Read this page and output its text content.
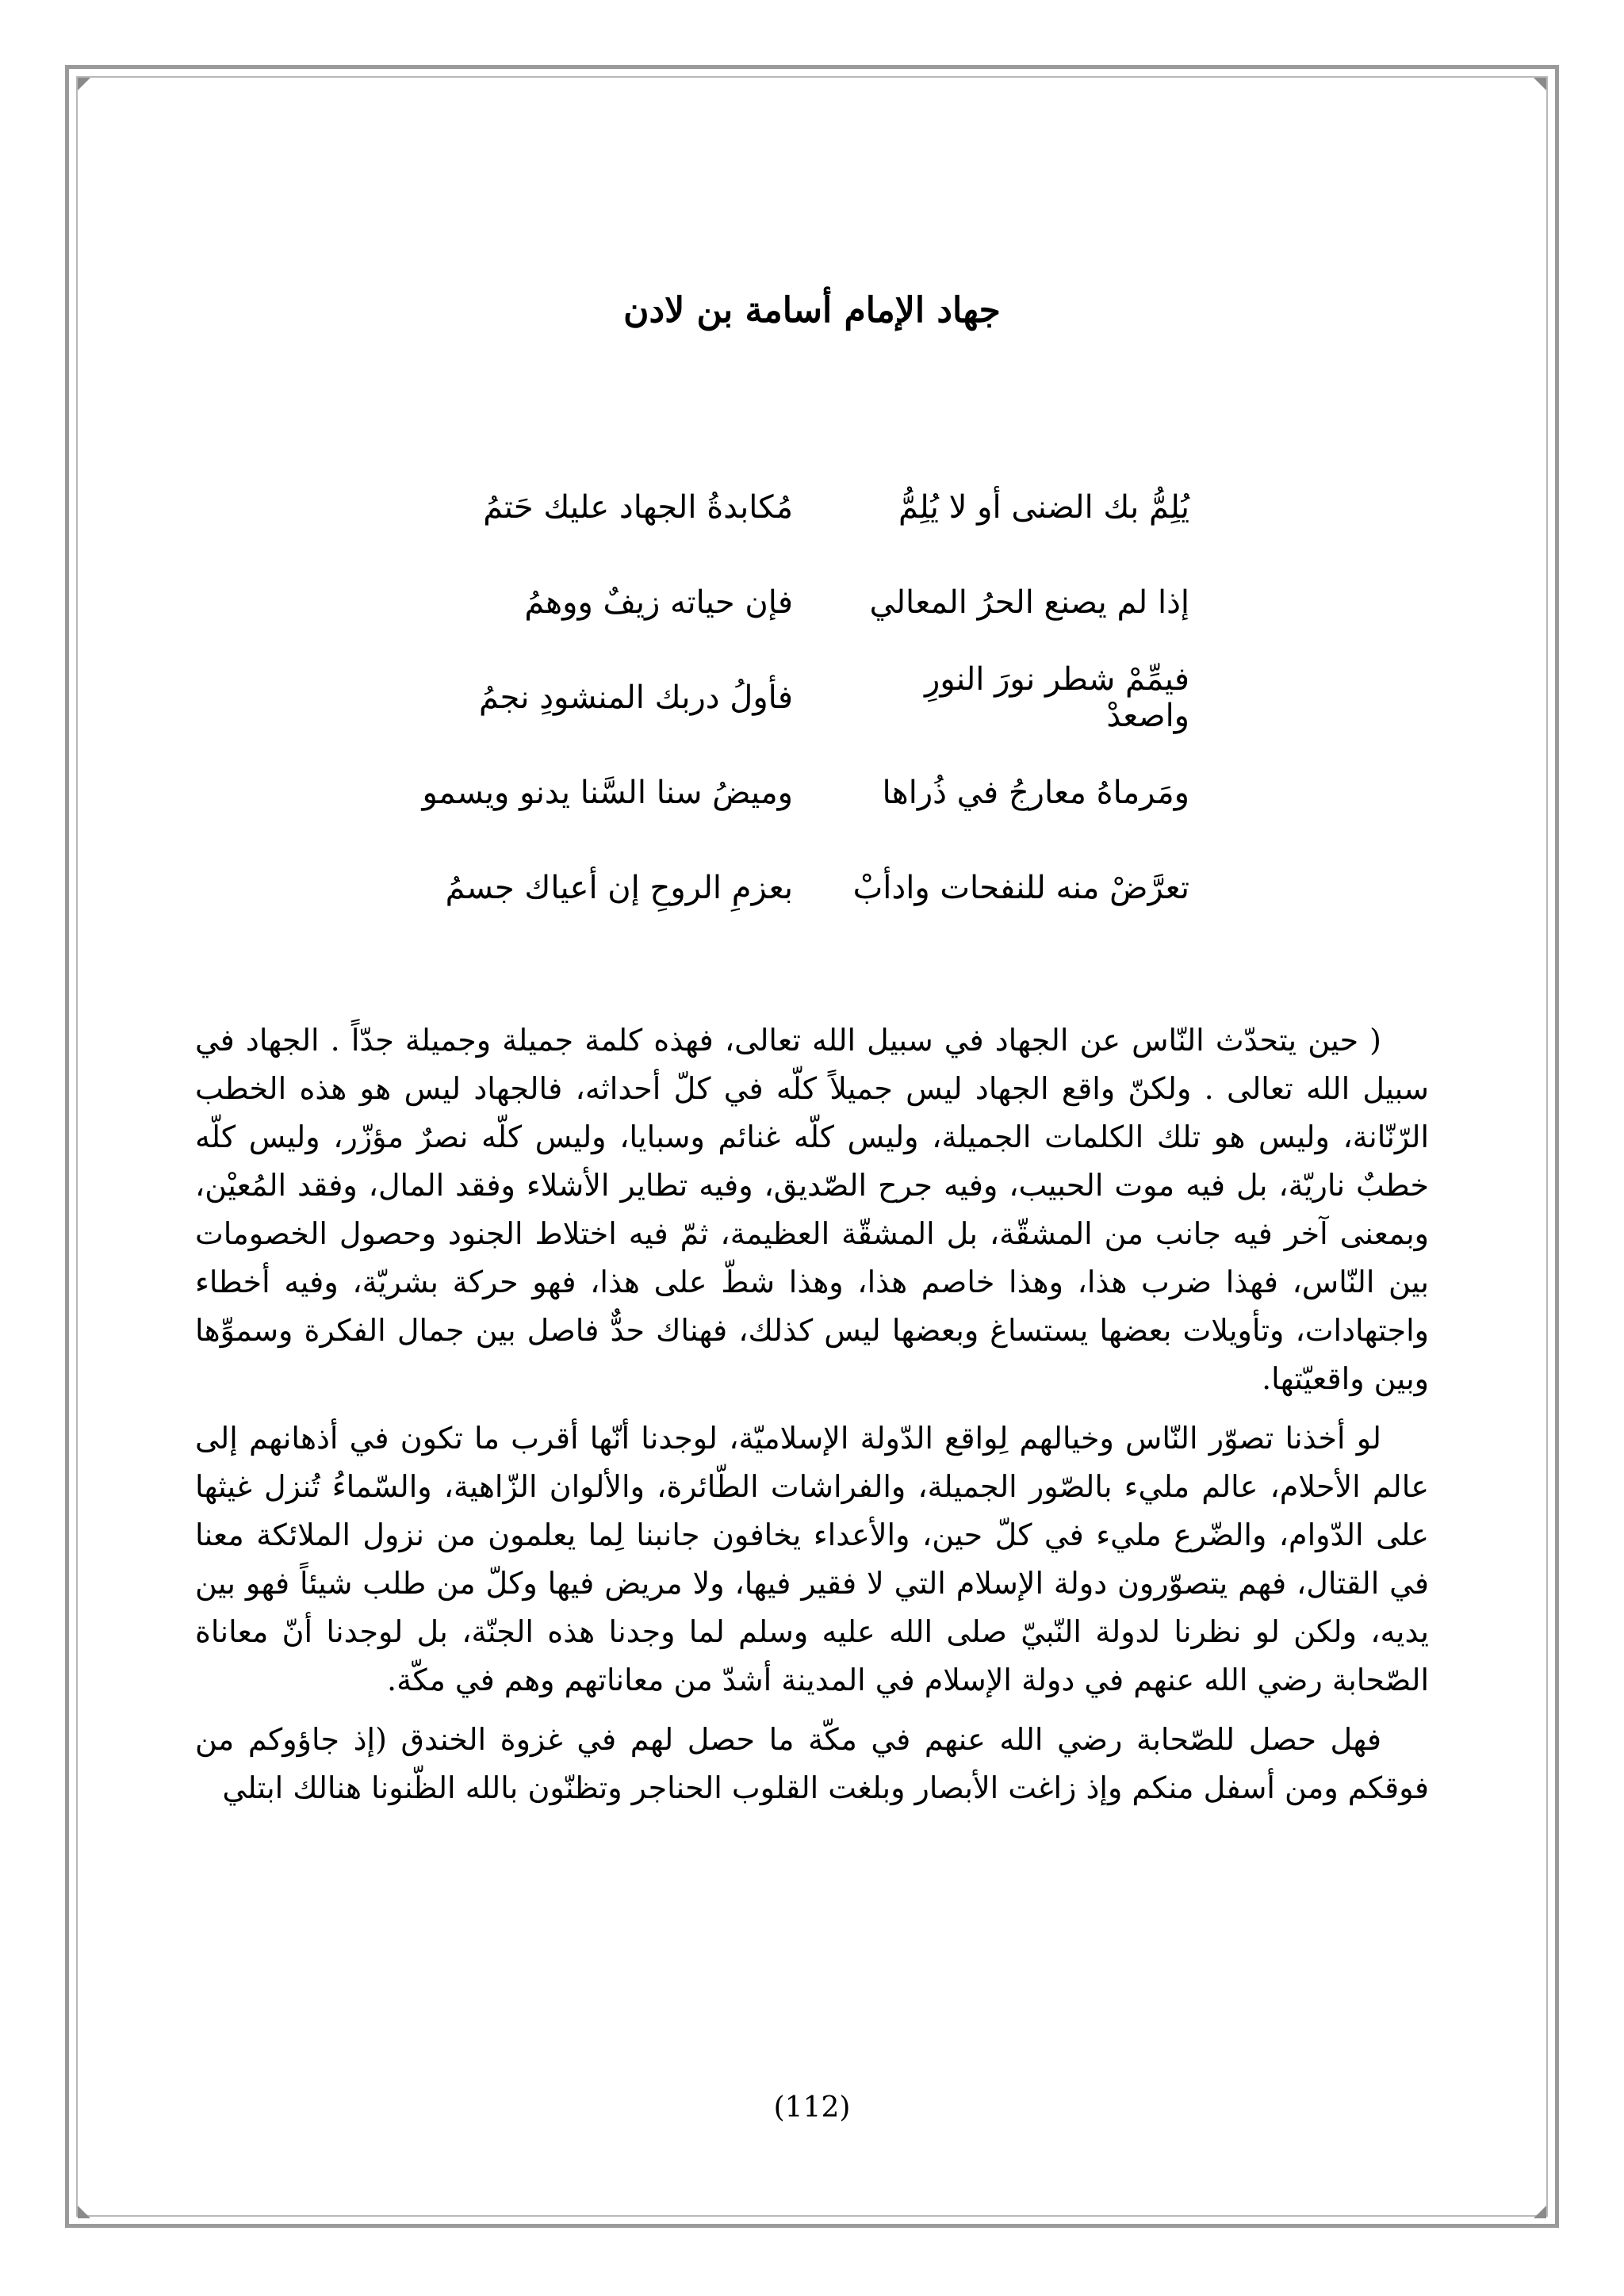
جهاد الإمام أسامة بن لادن
يُلِمُّ بك الضنى أو لا يُلِمُّ
مُكابدةُ الجهاد عليك حَتمُ
إذا لم يصنع الحرُ المعالي
فإن حياته زيفٌ ووهمُ
فيمِّمْ شطر نورَ النورِ واصعدْ
فأولُ دربك المنشودِ نجمُ
ومَرماهُ معارجُ في ذُراها
وميضُ سنا السَّنا يدنو ويسمو
تعرَّضْ منه للنفحات وادأبْ
بعزمِ الروحِ إن أعياك جسمُ

( حين يتحدّث النّاس عن الجهاد في سبيل الله تعالى، فهذه كلمة جميلة وجميلة جدّاً . الجهاد في سبيل الله تعالى . ولكنّ واقع الجهاد ليس جميلاً كلّه في كلّ أحداثه، فالجهاد ليس هو هذه الخطب الرّنّانة، وليس هو تلك الكلمات الجميلة، وليس كلّه غنائم وسبايا، وليس كلّه نصرٌ مؤزّر، وليس كلّه خطبٌ ناريّة، بل فيه موت الحبيب، وفيه جرح الصّديق، وفيه تطاير الأشلاء وفقد المال، وفقد المُعيْن، وبمعنى آخر فيه جانب من المشقّة، بل المشقّة العظيمة، ثمّ فيه اختلاط الجنود وحصول الخصومات بين النّاس، فهذا ضرب هذا، وهذا خاصم هذا، وهذا شطّ على هذا، فهو حركة بشريّة، وفيه أخطاء واجتهادات، وتأويلات بعضها يستساغ وبعضها ليس كذلك، فهناك حدٌّ فاصل بين جمال الفكرة وسموِّها وبين واقعيّتها.

لو أخذنا تصوّر النّاس وخيالهم لِواقع الدّولة الإسلاميّة، لوجدنا أنّها أقرب ما تكون في أذهانهم إلى عالم الأحلام، عالم مليء بالصّور الجميلة، والفراشات الطّائرة، والألوان الزّاهية، والسّماءُ تُنزل غيثها على الدّوام، والضّرع مليء في كلّ حين، والأعداء يخافون جانبنا لِما يعلمون من نزول الملائكة معنا في القتال، فهم يتصوّرون دولة الإسلام التي لا فقير فيها، ولا مريض فيها وكلّ من طلب شيئاً فهو بين يديه، ولكن لو نظرنا لدولة النّبيّ صلى الله عليه وسلم لما وجدنا هذه الجنّة، بل لوجدنا أنّ معاناة الصّحابة رضي الله عنهم في دولة الإسلام في المدينة أشدّ من معاناتهم وهم في مكّة.

فهل حصل للصّحابة رضي الله عنهم في مكّة ما حصل لهم في غزوة الخندق (إذ جاؤوكم من فوقكم ومن أسفل منكم وإذ زاغت الأبصار وبلغت القلوب الحناجر وتظنّون بالله الظّنونا هنالك ابتلي

(112)
